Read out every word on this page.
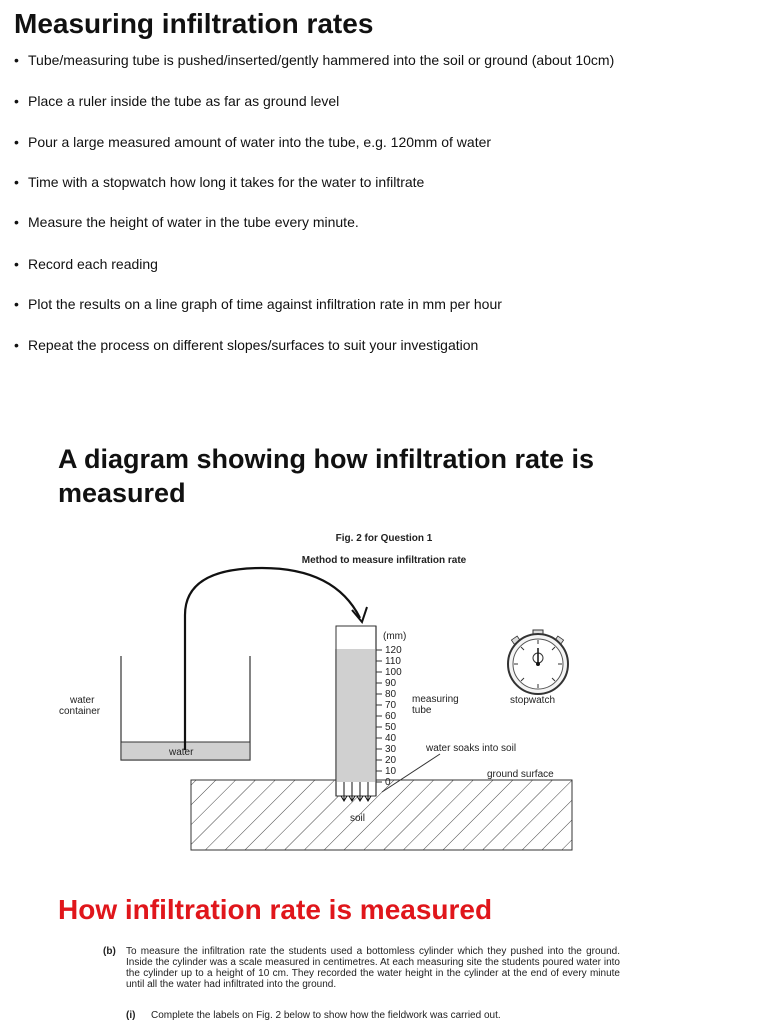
Measuring infiltration rates
• Tube/measuring tube is pushed/inserted/gently hammered into the soil or ground (about 10cm)
• Place a ruler inside the tube as far as ground level
• Pour a large measured amount of water into the tube, e.g. 120mm of water
• Time with a stopwatch how long it takes for the water to infiltrate
• Measure the height of water in the tube every minute.
• Record each reading
• Plot the results on a line graph of time against infiltration rate in mm per hour
• Repeat the process on different slopes/surfaces to suit your investigation
A diagram showing how infiltration rate is measured
Fig. 2 for Question 1
Method to measure infiltration rate
(mm)
120
110
100
90
80
70
60
50
40
30
20
10
0
water
container
water
measuring
tube
stopwatch
water soaks into soil
ground surface
soil
How infiltration rate is measured
(b) To measure the infiltration rate the students used a bottomless cylinder which they pushed into the ground. Inside the cylinder was a scale measured in centimetres. At each measuring site the students poured water into the cylinder up to a height of 10 cm. They recorded the water height in the cylinder at the end of every minute until all the water had infiltrated into the ground.
(i) Complete the labels on Fig. 2 below to show how the fieldwork was carried out.
